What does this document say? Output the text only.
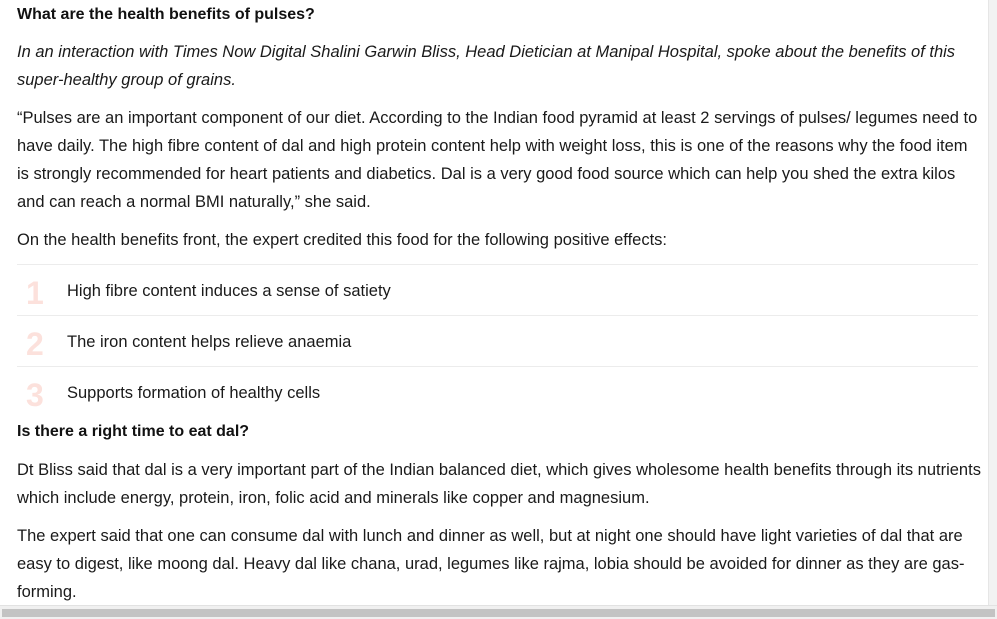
What are the health benefits of pulses?

In an interaction with Times Now Digital Shalini Garwin Bliss, Head Dietician at Manipal Hospital, spoke about the benefits of this super-healthy group of grains.

“Pulses are an important component of our diet. According to the Indian food pyramid at least 2 servings of pulses/ legumes need to have daily. The high fibre content of dal and high protein content help with weight loss, this is one of the reasons why the food item is strongly recommended for heart patients and diabetics. Dal is a very good food source which can help you shed the extra kilos and can reach a normal BMI naturally,” she said.

On the health benefits front, the expert credited this food for the following positive effects:

1 High fibre content induces a sense of satiety
2 The iron content helps relieve anaemia
3 Supports formation of healthy cells
Is there a right time to eat dal?

Dt Bliss said that dal is a very important part of the Indian balanced diet, which gives wholesome health benefits through its nutrients which include energy, protein, iron, folic acid and minerals like copper and magnesium.

The expert said that one can consume dal with lunch and dinner as well, but at night one should have light varieties of dal that are easy to digest, like moong dal. Heavy dal like chana, urad, legumes like rajma, lobia should be avoided for dinner as they are gas-forming.
